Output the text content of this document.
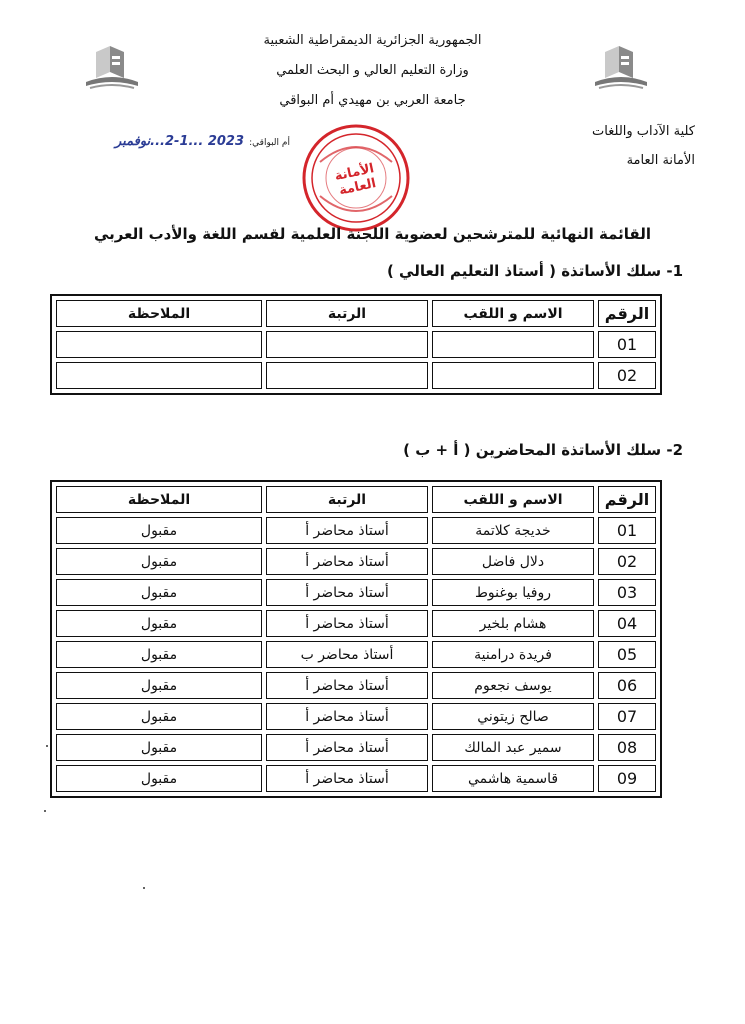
الجمهورية الجزائرية الديمقراطية الشعبية
وزارة التعليم العالي و البحث العلمي
جامعة العربي بن مهيدي أم البواقي
كلية الآداب واللغات
الأمانة العامة
أم البواقي: 2023 ...1-2...نوفمبر
الأمانة العامة
القائمة النهائية للمترشحين لعضوية اللجنة العلمية لقسم اللغة والأدب العربي
1- سلك الأساتذة ( أستاذ التعليم العالي )
الرقم	الاسم و اللقب	الرتبة	الملاحظة
01			
02			
2- سلك الأساتذة المحاضرين ( أ + ب )
الرقم	الاسم و اللقب	الرتبة	الملاحظة
01	خديجة كلاتمة	أستاذ محاضر أ	مقبول
02	دلال فاضل	أستاذ محاضر أ	مقبول
03	روفيا بوغنوط	أستاذ محاضر أ	مقبول
04	هشام بلخير	أستاذ محاضر أ	مقبول
05	فريدة درامنية	أستاذ محاضر ب	مقبول
06	يوسف نجعوم	أستاذ محاضر أ	مقبول
07	صالح زيتوني	أستاذ محاضر أ	مقبول
08	سمير عبد المالك	أستاذ محاضر أ	مقبول
09	قاسمية هاشمي	أستاذ محاضر أ	مقبول
